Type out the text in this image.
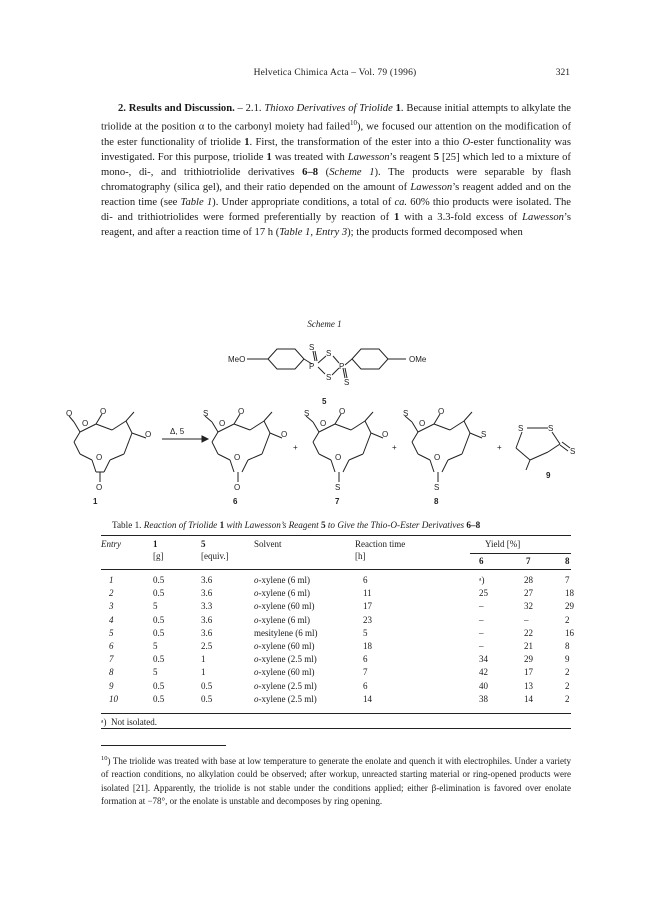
Helvetica Chimica Acta – Vol. 79 (1996)	321
2. Results and Discussion. – 2.1. Thioxo Derivatives of Triolide 1. Because initial attempts to alkylate the triolide at the position α to the carbonyl moiety had failed$^{10}$), we focused our attention on the modification of the ester functionality of triolide 1. First, the transformation of the ester into a thio O-ester functionality was investigated. For this purpose, triolide 1 was treated with Lawesson’s reagent 5 [25] which led to a mixture of mono-, di-, and trithiotriolide derivatives 6–8 (Scheme 1). The products were separable by flash chromatography (silica gel), and their ratio depended on the amount of Lawesson’s reagent added and on the reaction time (see Table 1). Under appropriate conditions, a total of ca. 60% thio products were isolated. The di- and trithiotriolides were formed preferentially by reaction of 1 with a 3.3-fold excess of Lawesson’s reagent, and after a reaction time of 17 h (Table 1, Entry 3); the products formed decomposed when
Scheme 1
MeO	OMe
P	P
S
S
S
S
5
O
O
O
O
O
O
1
Δ, 5
S
O
O
O
O
O
6
+
S
O
O
O
O
S
7
+
S
O
O
S
O
S
8
+
S	S
S
9
Table 1. Reaction of Triolide 1 with Lawesson’s Reagent 5 to Give the Thio-O-Ester Derivatives 6–8
Entry	1
[g]
5
[equiv.]
Solvent	Reaction time
[h]
Yield [%]
6	7	8
1	0.5	3.6	o-xylene (6 ml)	6	ᵃ)	28	7
2	0.5	3.6	o-xylene (6 ml)	11	25	27	18
3	5	3.3	o-xylene (60 ml)	17	–	32	29
4	0.5	3.6	o-xylene (6 ml)	23	–	–	2
5	0.5	3.6	mesitylene (6 ml)	5	–	22	16
6	5	2.5	o-xylene (60 ml)	18	–	21	8
7	0.5	1	o-xylene (2.5 ml)	6	34	29	9
8	5	1	o-xylene (60 ml)	7	42	17	2
9	0.5	0.5	o-xylene (2.5 ml)	6	40	13	2
10	0.5	0.5	o-xylene (2.5 ml)	14	38	14	2
ᵃ) Not isolated.
$^{10}$) The triolide was treated with base at low temperature to generate the enolate and quench it with electrophiles. Under a variety of reaction conditions, no alkylation could be observed; after workup, unreacted starting material or ring-opened products were isolated [21]. Apparently, the triolide is not stable under the conditions applied; either β-elimination is favored over enolate formation at −78°, or the enolate is unstable and decomposes by ring opening.
